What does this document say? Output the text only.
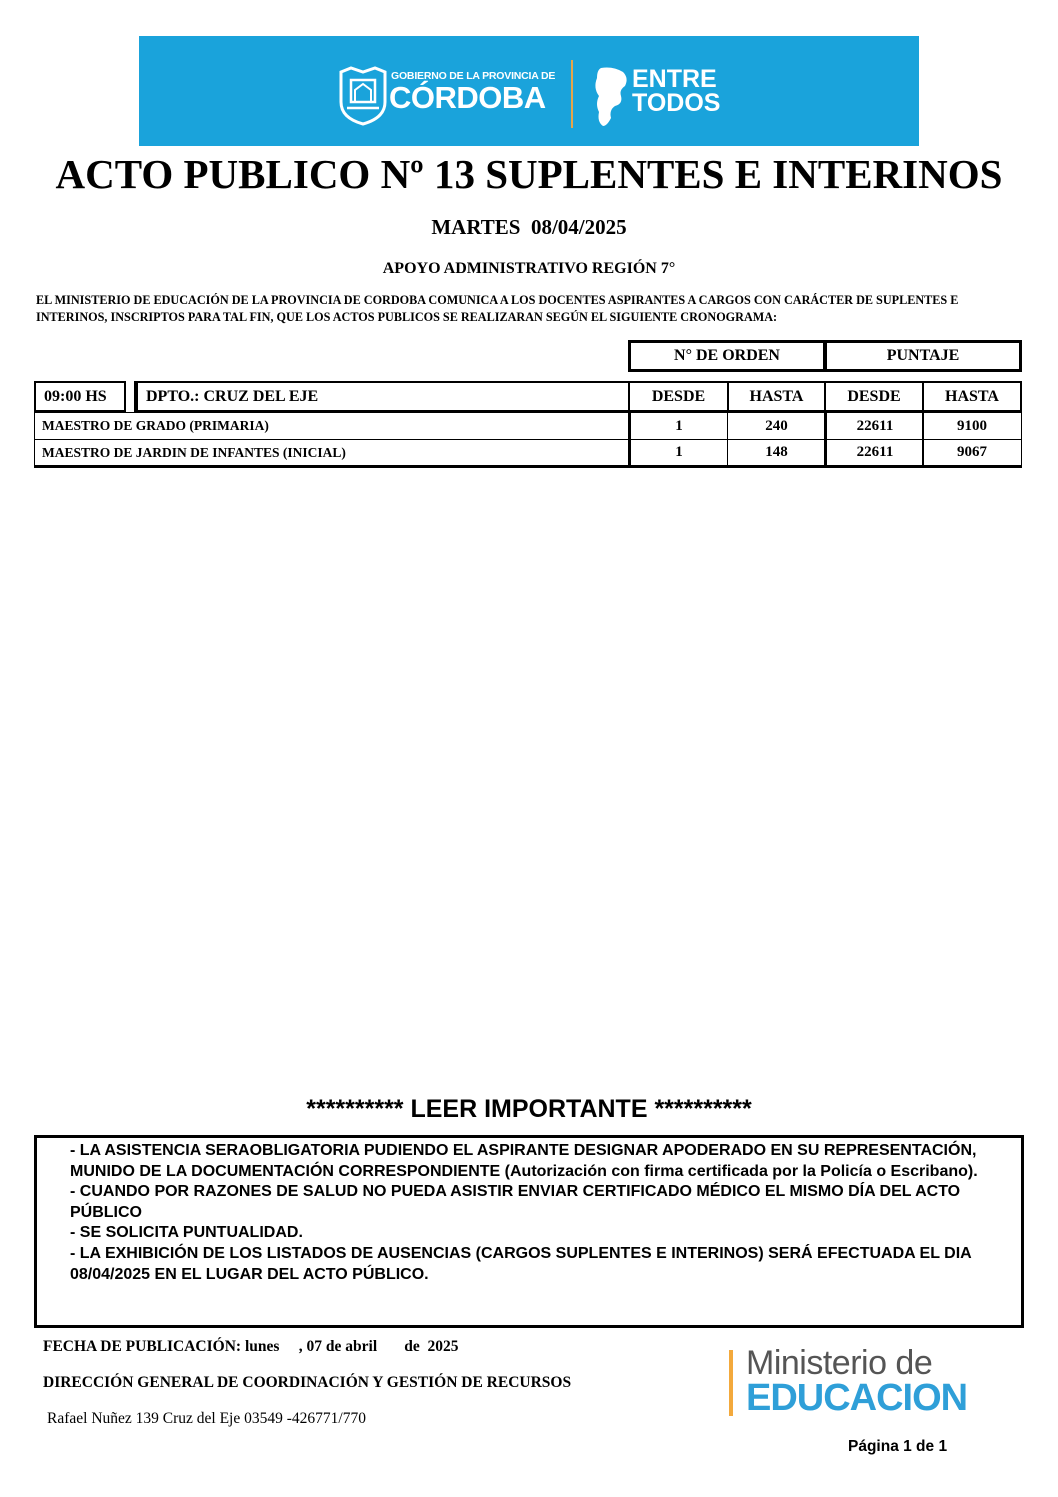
GOBIERNO DE LA PROVINCIA DE
CÓRDOBA
ENTRE
TODOS
ACTO PUBLICO Nº 13 SUPLENTES E INTERINOS
MARTES  08/04/2025
APOYO ADMINISTRATIVO REGIÓN 7°
EL MINISTERIO DE EDUCACIÓN DE LA PROVINCIA DE CORDOBA COMUNICA A LOS DOCENTES ASPIRANTES A CARGOS CON CARÁCTER DE SUPLENTES E INTERINOS, INSCRIPTOS PARA TAL FIN, QUE LOS ACTOS PUBLICOS SE REALIZARAN SEGÚN EL SIGUIENTE CRONOGRAMA:
N° DE ORDEN	PUNTAJE
09:00 HS	DPTO.: CRUZ DEL EJE	DESDE	HASTA	DESDE	HASTA
MAESTRO DE GRADO (PRIMARIA)	1	240	22611	9100
MAESTRO DE JARDIN DE INFANTES (INICIAL)	1	148	22611	9067
********** LEER IMPORTANTE **********
- LA ASISTENCIA SERAOBLIGATORIA PUDIENDO EL ASPIRANTE DESIGNAR APODERADO EN SU REPRESENTACIÓN, MUNIDO DE LA DOCUMENTACIÓN CORRESPONDIENTE (Autorización con firma certificada por la Policía o Escribano).
- CUANDO POR RAZONES DE SALUD NO PUEDA ASISTIR ENVIAR CERTIFICADO MÉDICO EL MISMO DÍA DEL ACTO PÚBLICO
- SE SOLICITA PUNTUALIDAD.
- LA EXHIBICIÓN DE LOS LISTADOS DE AUSENCIAS (CARGOS SUPLENTES E INTERINOS) SERÁ EFECTUADA EL DIA 08/04/2025 EN EL LUGAR DEL ACTO PÚBLICO.
FECHA DE PUBLICACIÓN: lunes     , 07 de abril       de  2025
DIRECCIÓN GENERAL DE COORDINACIÓN Y GESTIÓN DE RECURSOS
Rafael Nuñez 139 Cruz del Eje 03549 -426771/770
Ministerio de
EDUCACION
Página 1 de 1
